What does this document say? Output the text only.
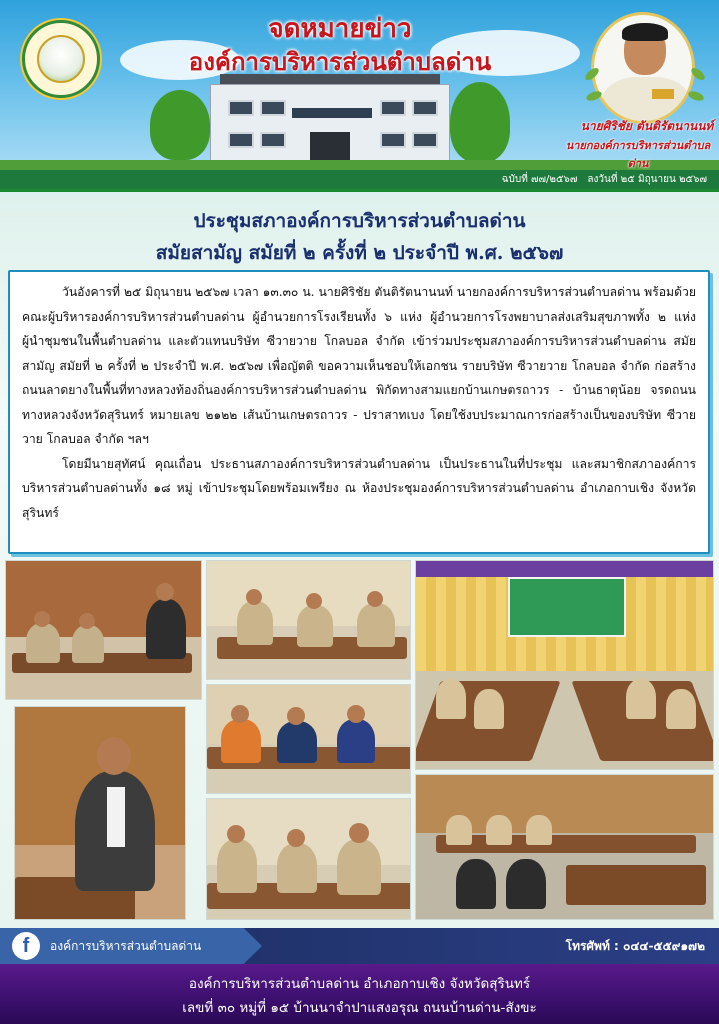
จดหมายข่าว
องค์การบริหารส่วนตำบลด่าน
นายศิริชัย ตันติรัตนานนท์
นายกองค์การบริหารส่วนตำบลด่าน
ฉบับที่ ๗๗/๒๕๖๗ ลงวันที่ ๒๕ มิถุนายน ๒๕๖๗
ประชุมสภาองค์การบริหารส่วนตำบลด่าน
สมัยสามัญ สมัยที่ ๒ ครั้งที่ ๒ ประจำปี พ.ศ. ๒๕๖๗

วันอังคารที่ ๒๕ มิถุนายน ๒๕๖๗ เวลา ๑๓.๓๐ น. นายศิริชัย ตันติรัตนานนท์ นายกองค์การบริหารส่วนตำบลด่าน พร้อมด้วยคณะผู้บริหารองค์การบริหารส่วนตำบลด่าน ผู้อำนวยการโรงเรียนทั้ง ๖ แห่ง ผู้อำนวยการโรงพยาบาลส่งเสริมสุขภาพทั้ง ๒ แห่ง ผู้นำชุมชนในพื้นตำบลด่าน และตัวแทนบริษัท ซีวายวาย โกลบอล จำกัด เข้าร่วมประชุมสภาองค์การบริหารส่วนตำบลด่าน สมัยสามัญ สมัยที่ ๒ ครั้งที่ ๒ ประจำปี พ.ศ. ๒๕๖๗ เพื่อญัตติ ขอความเห็นชอบให้เอกชน รายบริษัท ซีวายวาย โกลบอล จำกัด ก่อสร้างถนนลาดยางในพื้นที่ทางหลวงท้องถิ่นองค์การบริหารส่วนตำบลด่าน พิกัดทางสามแยกบ้านเกษตรถาวร - บ้านธาตุน้อย จรดถนนทางหลวงจังหวัดสุรินทร์ หมายเลข ๒๑๒๒ เส้นบ้านเกษตรถาวร - ปราสาทเบง โดยใช้งบประมาณการก่อสร้างเป็นของบริษัท ซีวายวาย โกลบอล จำกัด ฯลฯ

โดยมีนายสุทัศน์ คุณเถื่อน ประธานสภาองค์การบริหารส่วนตำบลด่าน เป็นประธานในที่ประชุม และสมาชิกสภาองค์การบริหารส่วนตำบลด่านทั้ง ๑๘ หมู่ เข้าประชุมโดยพร้อมเพรียง ณ ห้องประชุมองค์การบริหารส่วนตำบลด่าน อำเภอกาบเชิง จังหวัดสุรินทร์

f	องค์การบริหารส่วนตำบลด่าน	โทรศัพท์ : ๐๔๔-๕๕๙๑๗๒
องค์การบริหารส่วนตำบลด่าน อำเภอกาบเชิง จังหวัดสุรินทร์
เลขที่ ๓๐ หมู่ที่ ๑๕ บ้านนาจำปาแสงอรุณ ถนนบ้านด่าน-สังขะ
